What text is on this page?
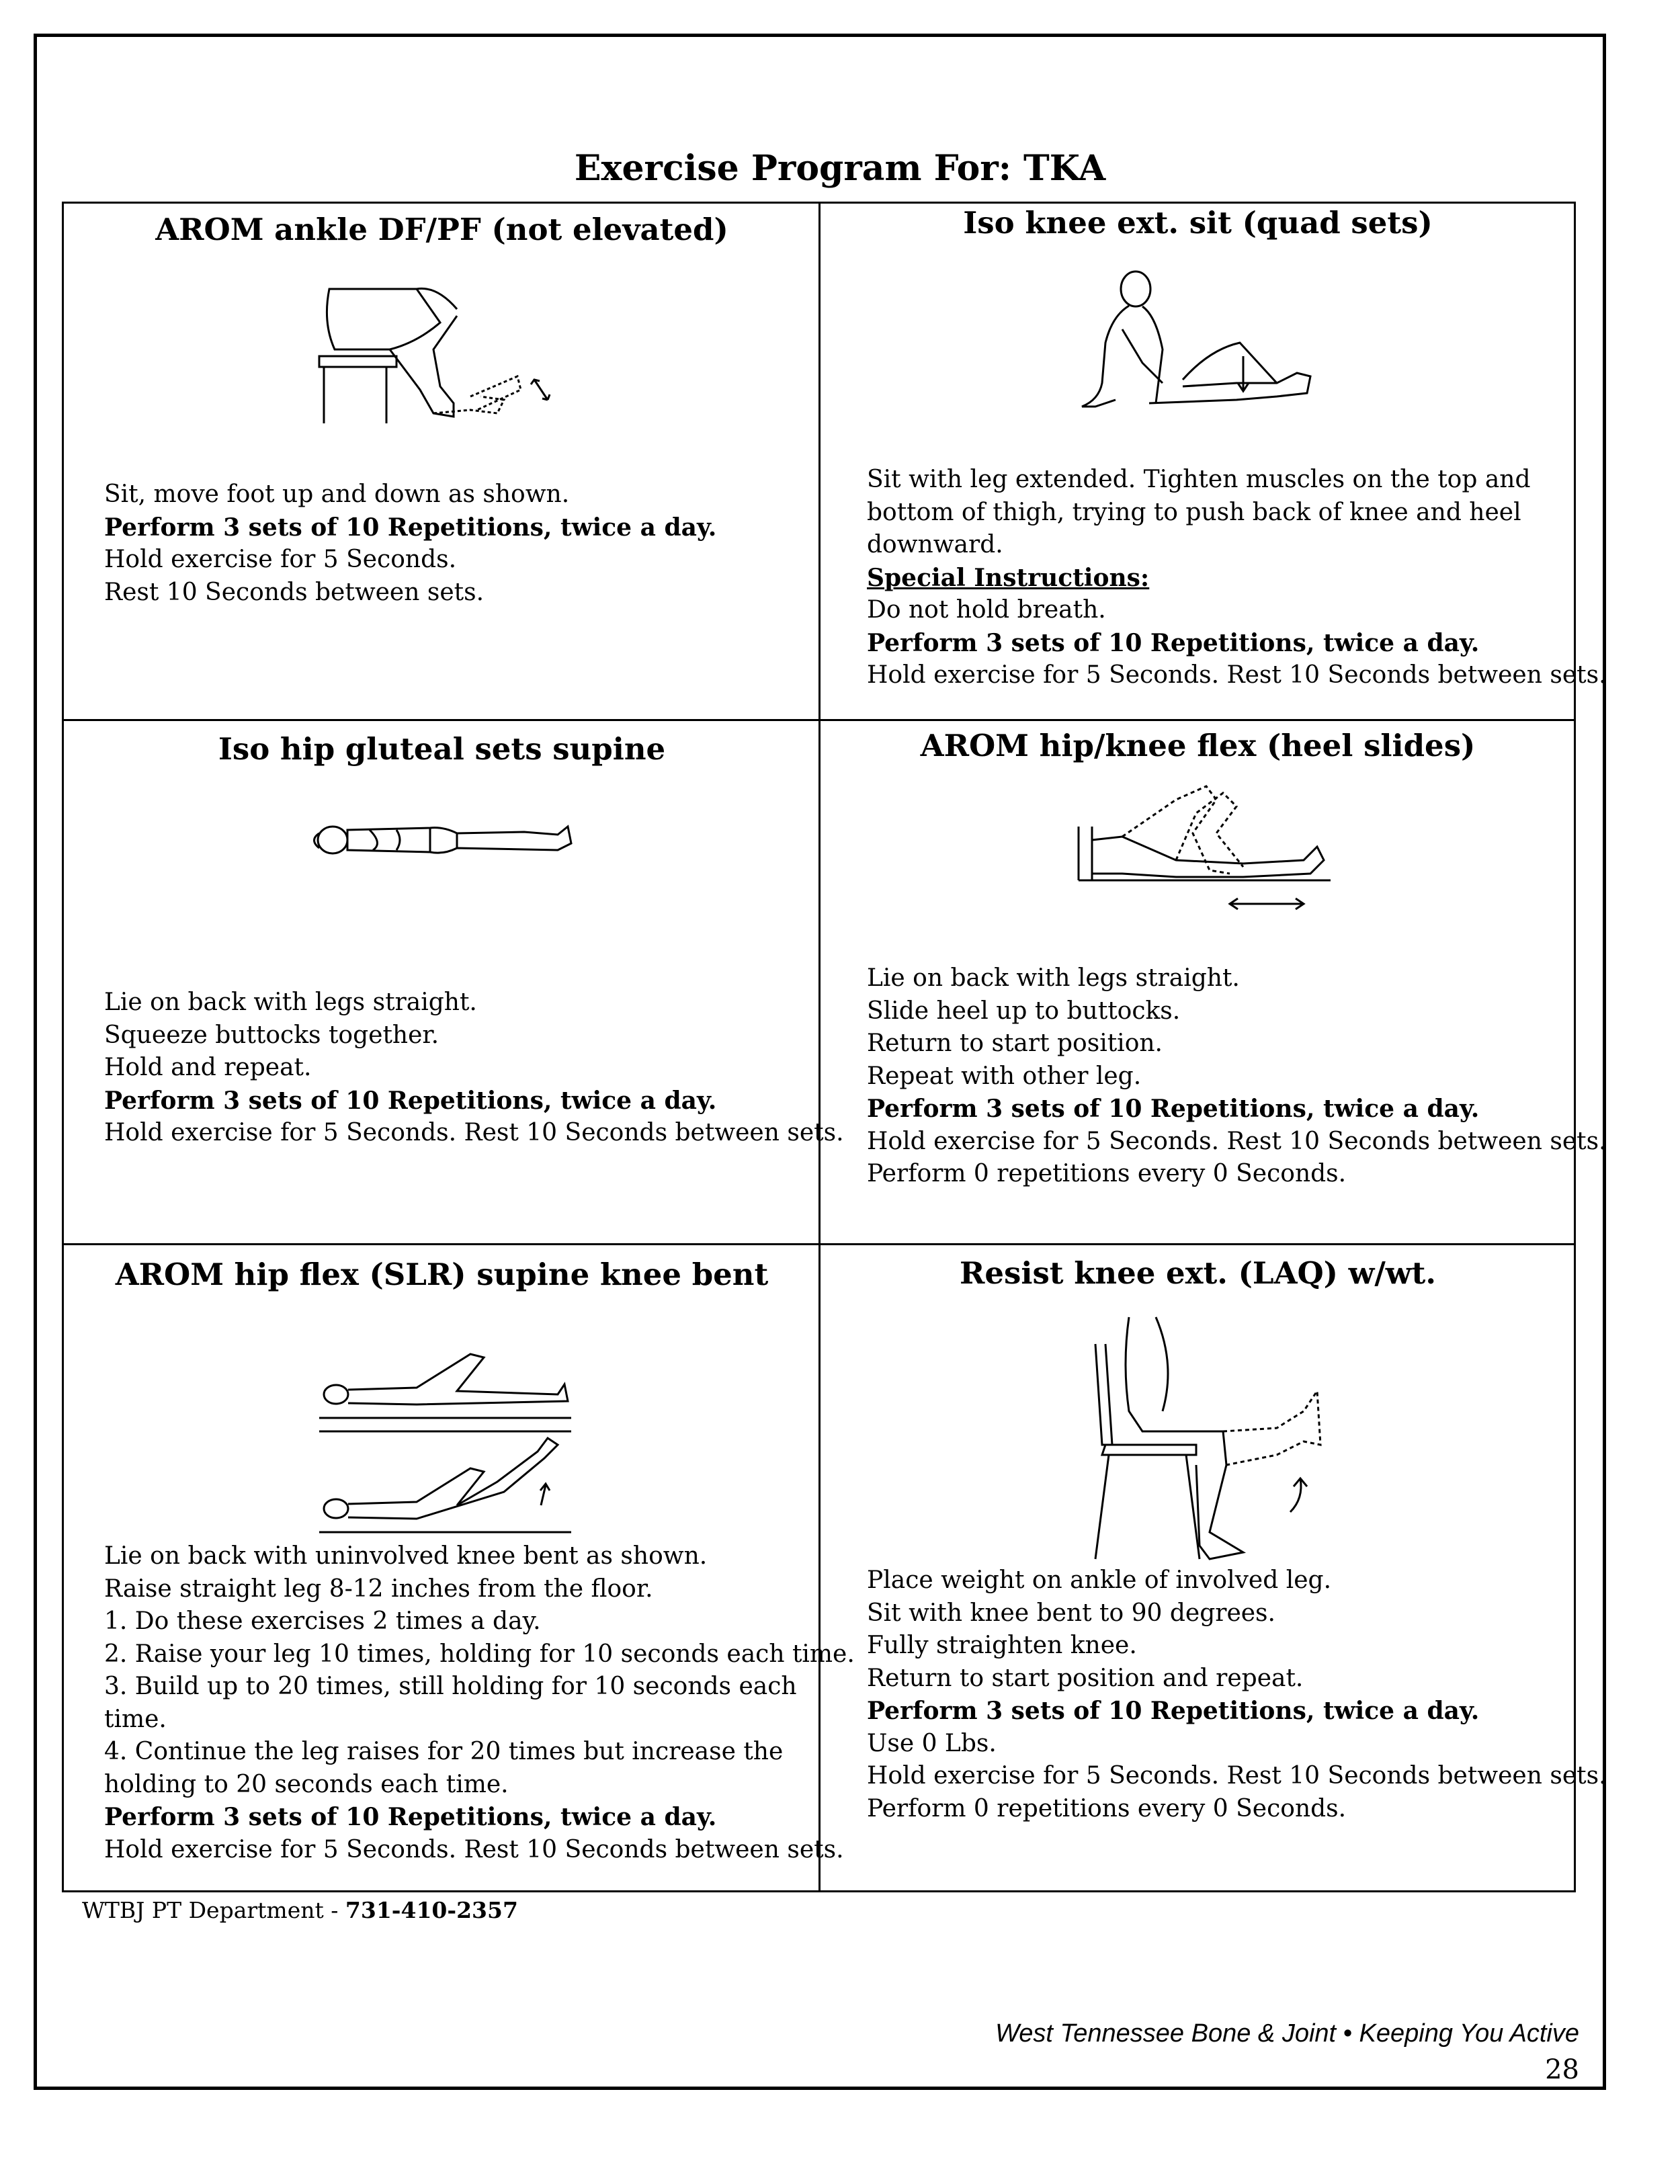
Exercise Program For: TKA
AROM ankle DF/PF (not elevated)
Sit, move foot up and down as shown.
Perform 3 sets of 10 Repetitions, twice a day.
Hold exercise for 5 Seconds.
Rest 10 Seconds between sets.
Iso knee ext. sit (quad sets)
Sit with leg extended. Tighten muscles on the top and
bottom of thigh, trying to push back of knee and heel
downward.
Special Instructions:
Do not hold breath.
Perform 3 sets of 10 Repetitions, twice a day.
Hold exercise for 5 Seconds. Rest 10 Seconds between sets.
Iso hip gluteal sets supine
Lie on back with legs straight.
Squeeze buttocks together.
Hold and repeat.
Perform 3 sets of 10 Repetitions, twice a day.
Hold exercise for 5 Seconds. Rest 10 Seconds between sets.
AROM hip/knee flex (heel slides)
Lie on back with legs straight.
Slide heel up to buttocks.
Return to start position.
Repeat with other leg.
Perform 3 sets of 10 Repetitions, twice a day.
Hold exercise for 5 Seconds. Rest 10 Seconds between sets.
Perform 0 repetitions every 0 Seconds.
AROM hip flex (SLR) supine knee bent
Lie on back with uninvolved knee bent as shown.
Raise straight leg 8-12 inches from the floor.
1. Do these exercises 2 times a day.
2. Raise your leg 10 times, holding for 10 seconds each time.
3. Build up to 20 times, still holding for 10 seconds each
time.
4. Continue the leg raises for 20 times but increase the
holding to 20 seconds each time.
Perform 3 sets of 10 Repetitions, twice a day.
Hold exercise for 5 Seconds. Rest 10 Seconds between sets.
Resist knee ext. (LAQ) w/wt.
Place weight on ankle of involved leg.
Sit with knee bent to 90 degrees.
Fully straighten knee.
Return to start position and repeat.
Perform 3 sets of 10 Repetitions, twice a day.
Use 0 Lbs.
Hold exercise for 5 Seconds. Rest 10 Seconds between sets.
Perform 0 repetitions every 0 Seconds.
WTBJ PT Department - 731-410-2357
West Tennessee Bone & Joint • Keeping You Active
28
